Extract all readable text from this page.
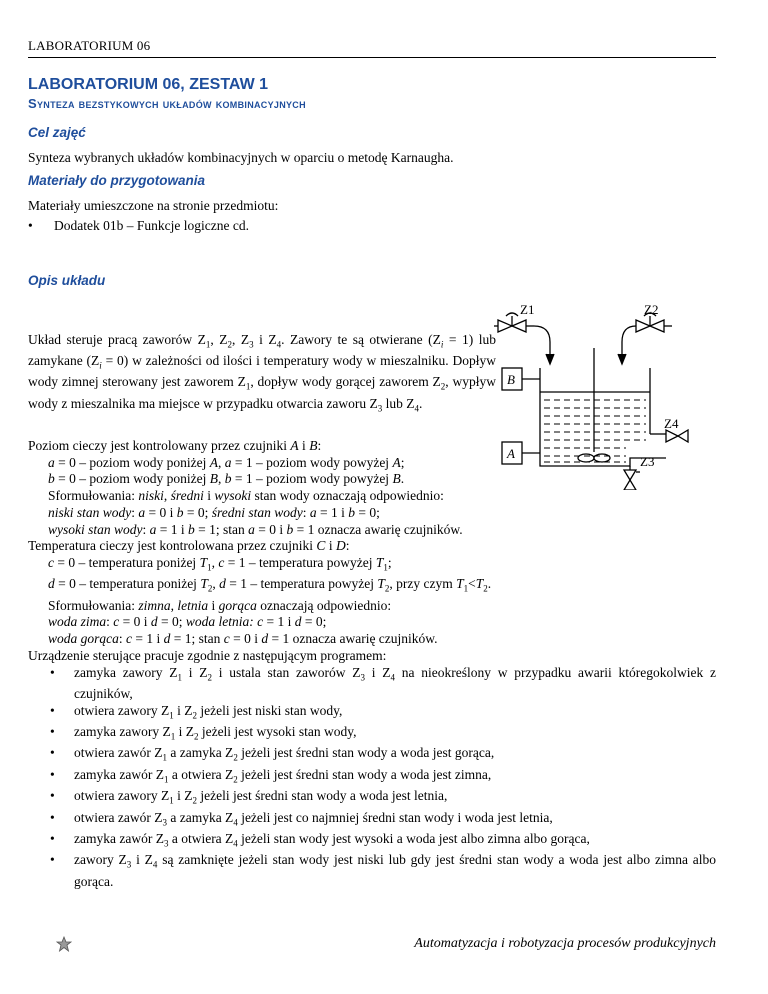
LABORATORIUM 06
LABORATORIUM 06, ZESTAW 1
Synteza bezstykowych układów kombinacyjnych
Cel zajęć
Synteza wybranych układów kombinacyjnych w oparciu o metodę Karnaugha.
Materiały do przygotowania
Materiały umieszczone na stronie przedmiotu:
• Dodatek 01b – Funkcje logiczne cd.
Opis układu
Układ steruje pracą zaworów $Z_1$, $Z_2$, $Z_3$ i $Z_4$. Zawory te są otwierane $(Z_i = 1)$ lub zamykane $(Z_i = 0)$ w zależności od ilości i temperatury wody w mieszalniku. Dopływ wody zimnej sterowany jest zaworem $Z_1$, dopływ wody gorącej zaworem $Z_2$, wypływ wody z mieszalnika ma miejsce w przypadku otwarcia zaworu $Z_3$ lub $Z_4$.
Poziom cieczy jest kontrolowany przez czujniki A i B:
a = 0 – poziom wody poniżej A, a = 1 – poziom wody powyżej A;
b = 0 – poziom wody poniżej B, b = 1 – poziom wody powyżej B.
Sformułowania: niski, średni i wysoki stan wody oznaczają odpowiednio:
niski stan wody: a = 0 i b = 0; średni stan wody: a = 1 i b = 0;
wysoki stan wody: a = 1 i b = 1; stan a = 0 i b = 1 oznacza awarię czujników.
Temperatura cieczy jest kontrolowana przez czujniki C i D:
c = 0 – temperatura poniżej $T_1$, c = 1 – temperatura powyżej $T_1$;
d = 0 – temperatura poniżej $T_2$, d = 1 – temperatura powyżej $T_2$, przy czym $T_1<T_2$.
Sformułowania: zimna, letnia i gorąca oznaczają odpowiednio:
woda zima: c = 0 i d = 0; woda letnia: c = 1 i d = 0;
woda gorąca: c = 1 i d = 1; stan c = 0 i d = 1 oznacza awarię czujników.
Urządzenie sterujące pracuje zgodnie z następującym programem:
• zamyka zawory $Z_1$ i $Z_2$ i ustala stan zaworów $Z_3$ i $Z_4$ na nieokreślony w przypadku awarii któregokolwiek z czujników,
• otwiera zawory $Z_1$ i $Z_2$ jeżeli jest niski stan wody,
• zamyka zawory $Z_1$ i $Z_2$ jeżeli jest wysoki stan wody,
• otwiera zawór $Z_1$ a zamyka $Z_2$ jeżeli jest średni stan wody a woda jest gorąca,
• zamyka zawór $Z_1$ a otwiera $Z_2$ jeżeli jest średni stan wody a woda jest zimna,
• otwiera zawory $Z_1$ i $Z_2$ jeżeli jest średni stan wody a woda jest letnia,
• otwiera zawór $Z_3$ a zamyka $Z_4$ jeżeli jest co najmniej średni stan wody i woda jest letnia,
• zamyka zawór $Z_3$ a otwiera $Z_4$ jeżeli stan wody jest wysoki a woda jest albo zimna albo gorąca,
• zawory $Z_3$ i $Z_4$ są zamknięte jeżeli stan wody jest niski lub gdy jest średni stan wody a woda jest albo zimna albo gorąca.
Z1	Z2
Z4
Z3
B
A
Automatyzacja i robotyzacja procesów produkcyjnych
